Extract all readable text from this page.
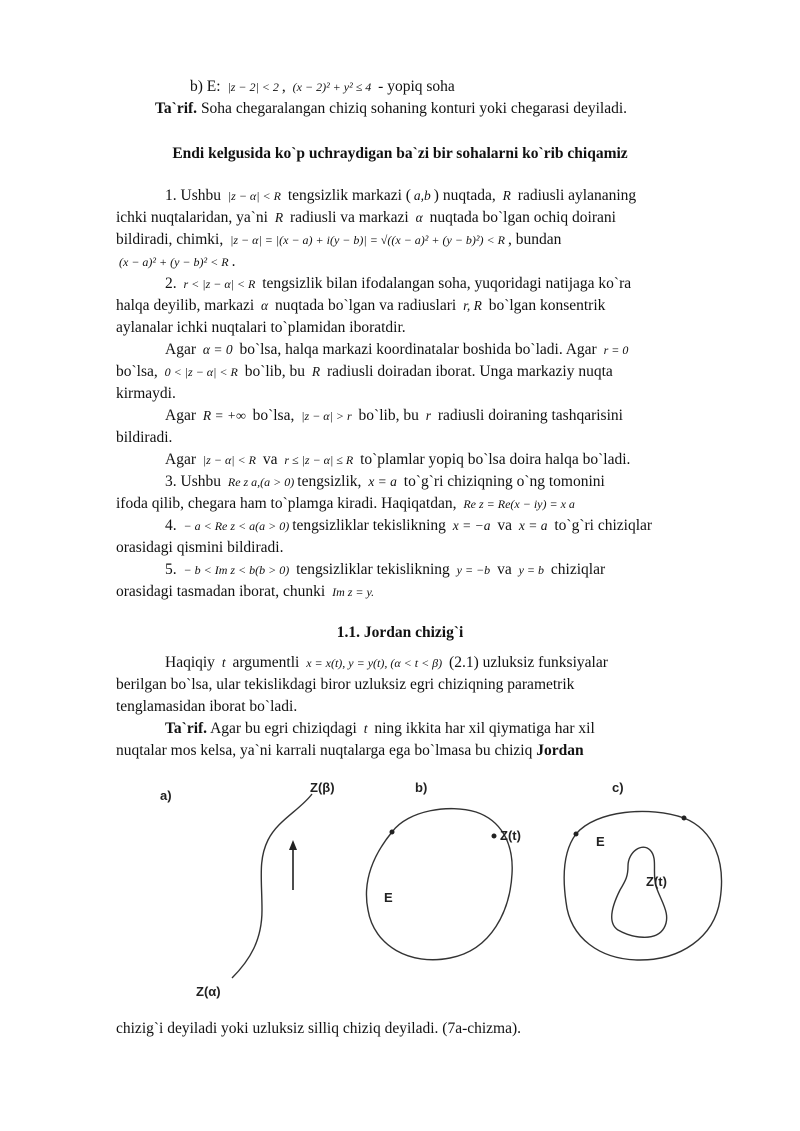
b) E: |z − 2| < 2 , (x − 2)² + y² ≤ 4 - yopiq soha
Ta`rif. Soha chegaralangan chiziq sohaning konturi yoki chegarasi deyiladi.
Endi kelgusida ko`p uchraydigan ba`zi bir sohalarni ko`rib chiqamiz
1. Ushbu |z − α| < R tengsizlik markazi ( a,b ) nuqtada, R radiusli aylananing
ichki nuqtalaridan, ya`ni R radiusli va markazi α nuqtada bo`lgan ochiq doirani
bildiradi, chimki, |z − α| = |(x − a) + i(y − b)| = √((x − a)² + (y − b)²) < R , bundan
(x − a)² + (y − b)² < R .
2. r < |z − α| < R tengsizlik bilan ifodalangan soha, yuqoridagi natijaga ko`ra
halqa deyilib, markazi α nuqtada bo`lgan va radiuslari r, R bo`lgan konsentrik
aylanalar ichki nuqtalari to`plamidan iboratdir.
Agar α = 0 bo`lsa, halqa markazi koordinatalar boshida bo`ladi. Agar r = 0
bo`lsa, 0 < |z − α| < R bo`lib, bu R radiusli doiradan iborat. Unga markaziy nuqta
kirmaydi.
Agar R = +∞ bo`lsa, |z − α| > r bo`lib, bu r radiusli doiraning tashqarisini
bildiradi.
Agar |z − α| < R va r ≤ |z − α| ≤ R to`plamlar yopiq bo`lsa doira halqa bo`ladi.
3. Ushbu Re z a,(a > 0) tengsizlik, x = a to`g`ri chiziqning o`ng tomonini
ifoda qilib, chegara ham to`plamga kiradi. Haqiqatdan, Re z = Re(x − iy) = x a
4. − a < Re z < a(a > 0) tengsizliklar tekislikning x = −a va x = a to`g`ri chiziqlar
orasidagi qismini bildiradi.
5. − b < Im z < b(b > 0) tengsizliklar tekislikning y = −b va y = b chiziqlar
orasidagi tasmadan iborat, chunki Im z = y.
1.1. Jordan chizig`i
Haqiqiy t argumentli x = x(t), y = y(t), (α < t < β) (2.1) uzluksiz funksiyalar
berilgan bo`lsa, ular tekislikdagi biror uzluksiz egri chiziqning parametrik
tenglamasidan iborat bo`ladi.
Ta`rif. Agar bu egri chiziqdagi t ning ikkita har xil qiymatiga har xil
nuqtalar mos kelsa, ya`ni karrali nuqtalarga ega bo`lmasa bu chiziq Jordan
a)
Z(β)
Z(α)
b)
Z(t)
E
c)
E
Z(t)
chizig`i deyiladi yoki uzluksiz silliq chiziq deyiladi. (7a-chizma).
